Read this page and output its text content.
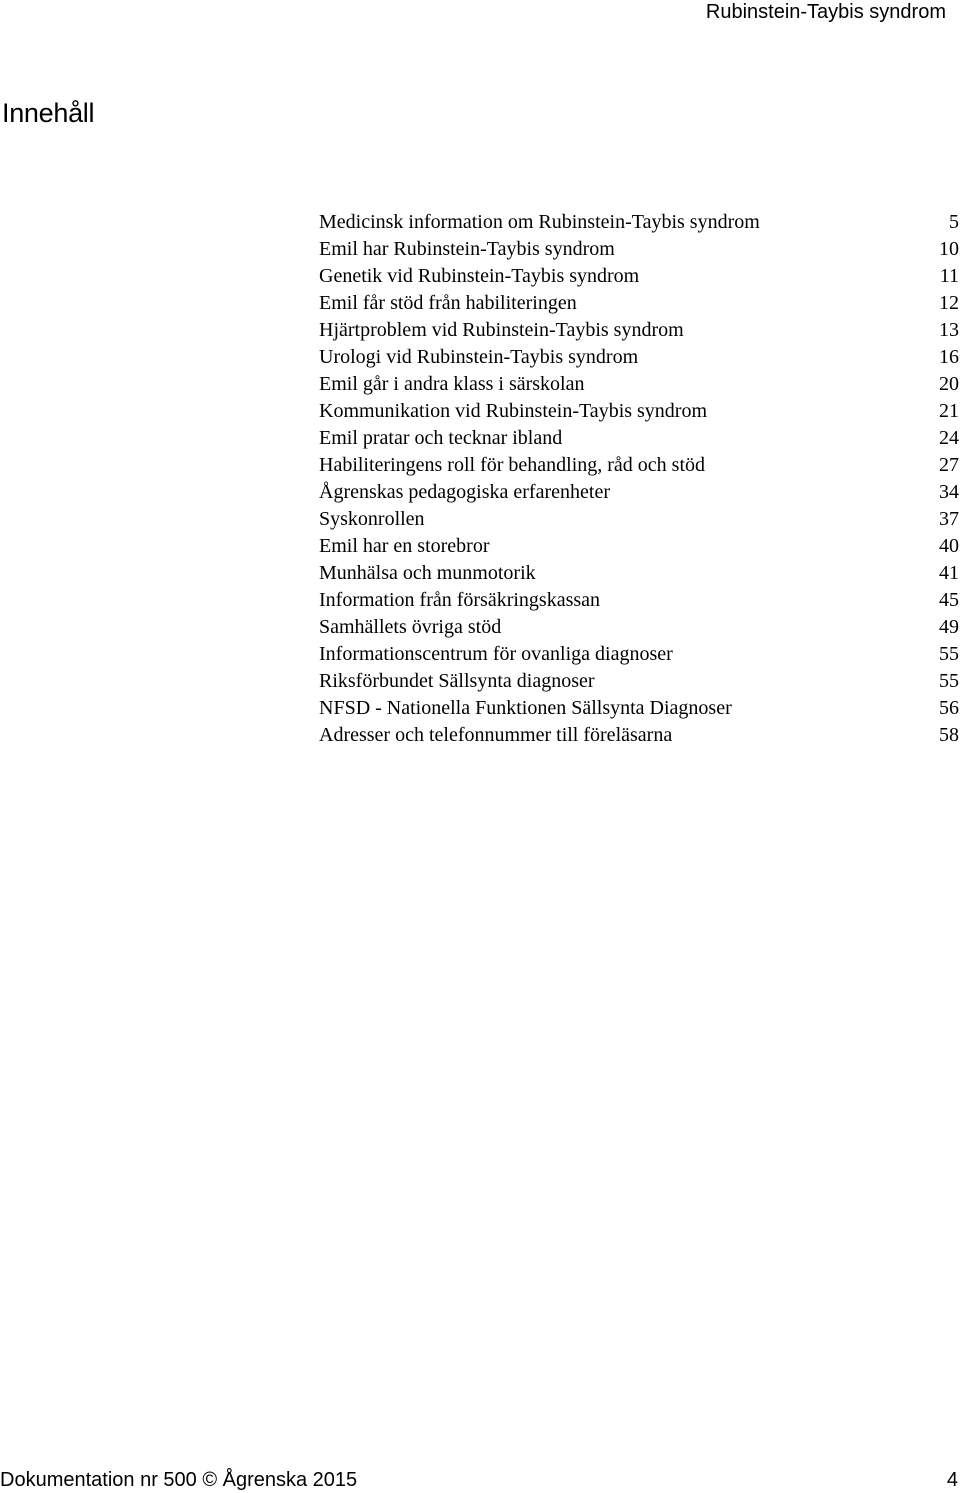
Rubinstein-Taybis syndrom
Innehåll
Medicinsk information om Rubinstein-Taybis syndrom	5
Emil har Rubinstein-Taybis syndrom	10
Genetik vid Rubinstein-Taybis syndrom	11
Emil får stöd från habiliteringen	12
Hjärtproblem vid Rubinstein-Taybis syndrom	13
Urologi vid Rubinstein-Taybis syndrom	16
Emil går i andra klass i särskolan	20
Kommunikation vid Rubinstein-Taybis syndrom	21
Emil pratar och tecknar ibland	24
Habiliteringens roll för behandling, råd och stöd	27
Ågrenskas pedagogiska erfarenheter	34
Syskonrollen	37
Emil har en storebror	40
Munhälsa och munmotorik	41
Information från försäkringskassan	45
Samhällets övriga stöd	49
Informationscentrum för ovanliga diagnoser	55
Riksförbundet Sällsynta diagnoser	55
NFSD - Nationella Funktionen Sällsynta Diagnoser	56
Adresser och telefonnummer till föreläsarna	58
Dokumentation nr 500 © Ågrenska 2015	4
